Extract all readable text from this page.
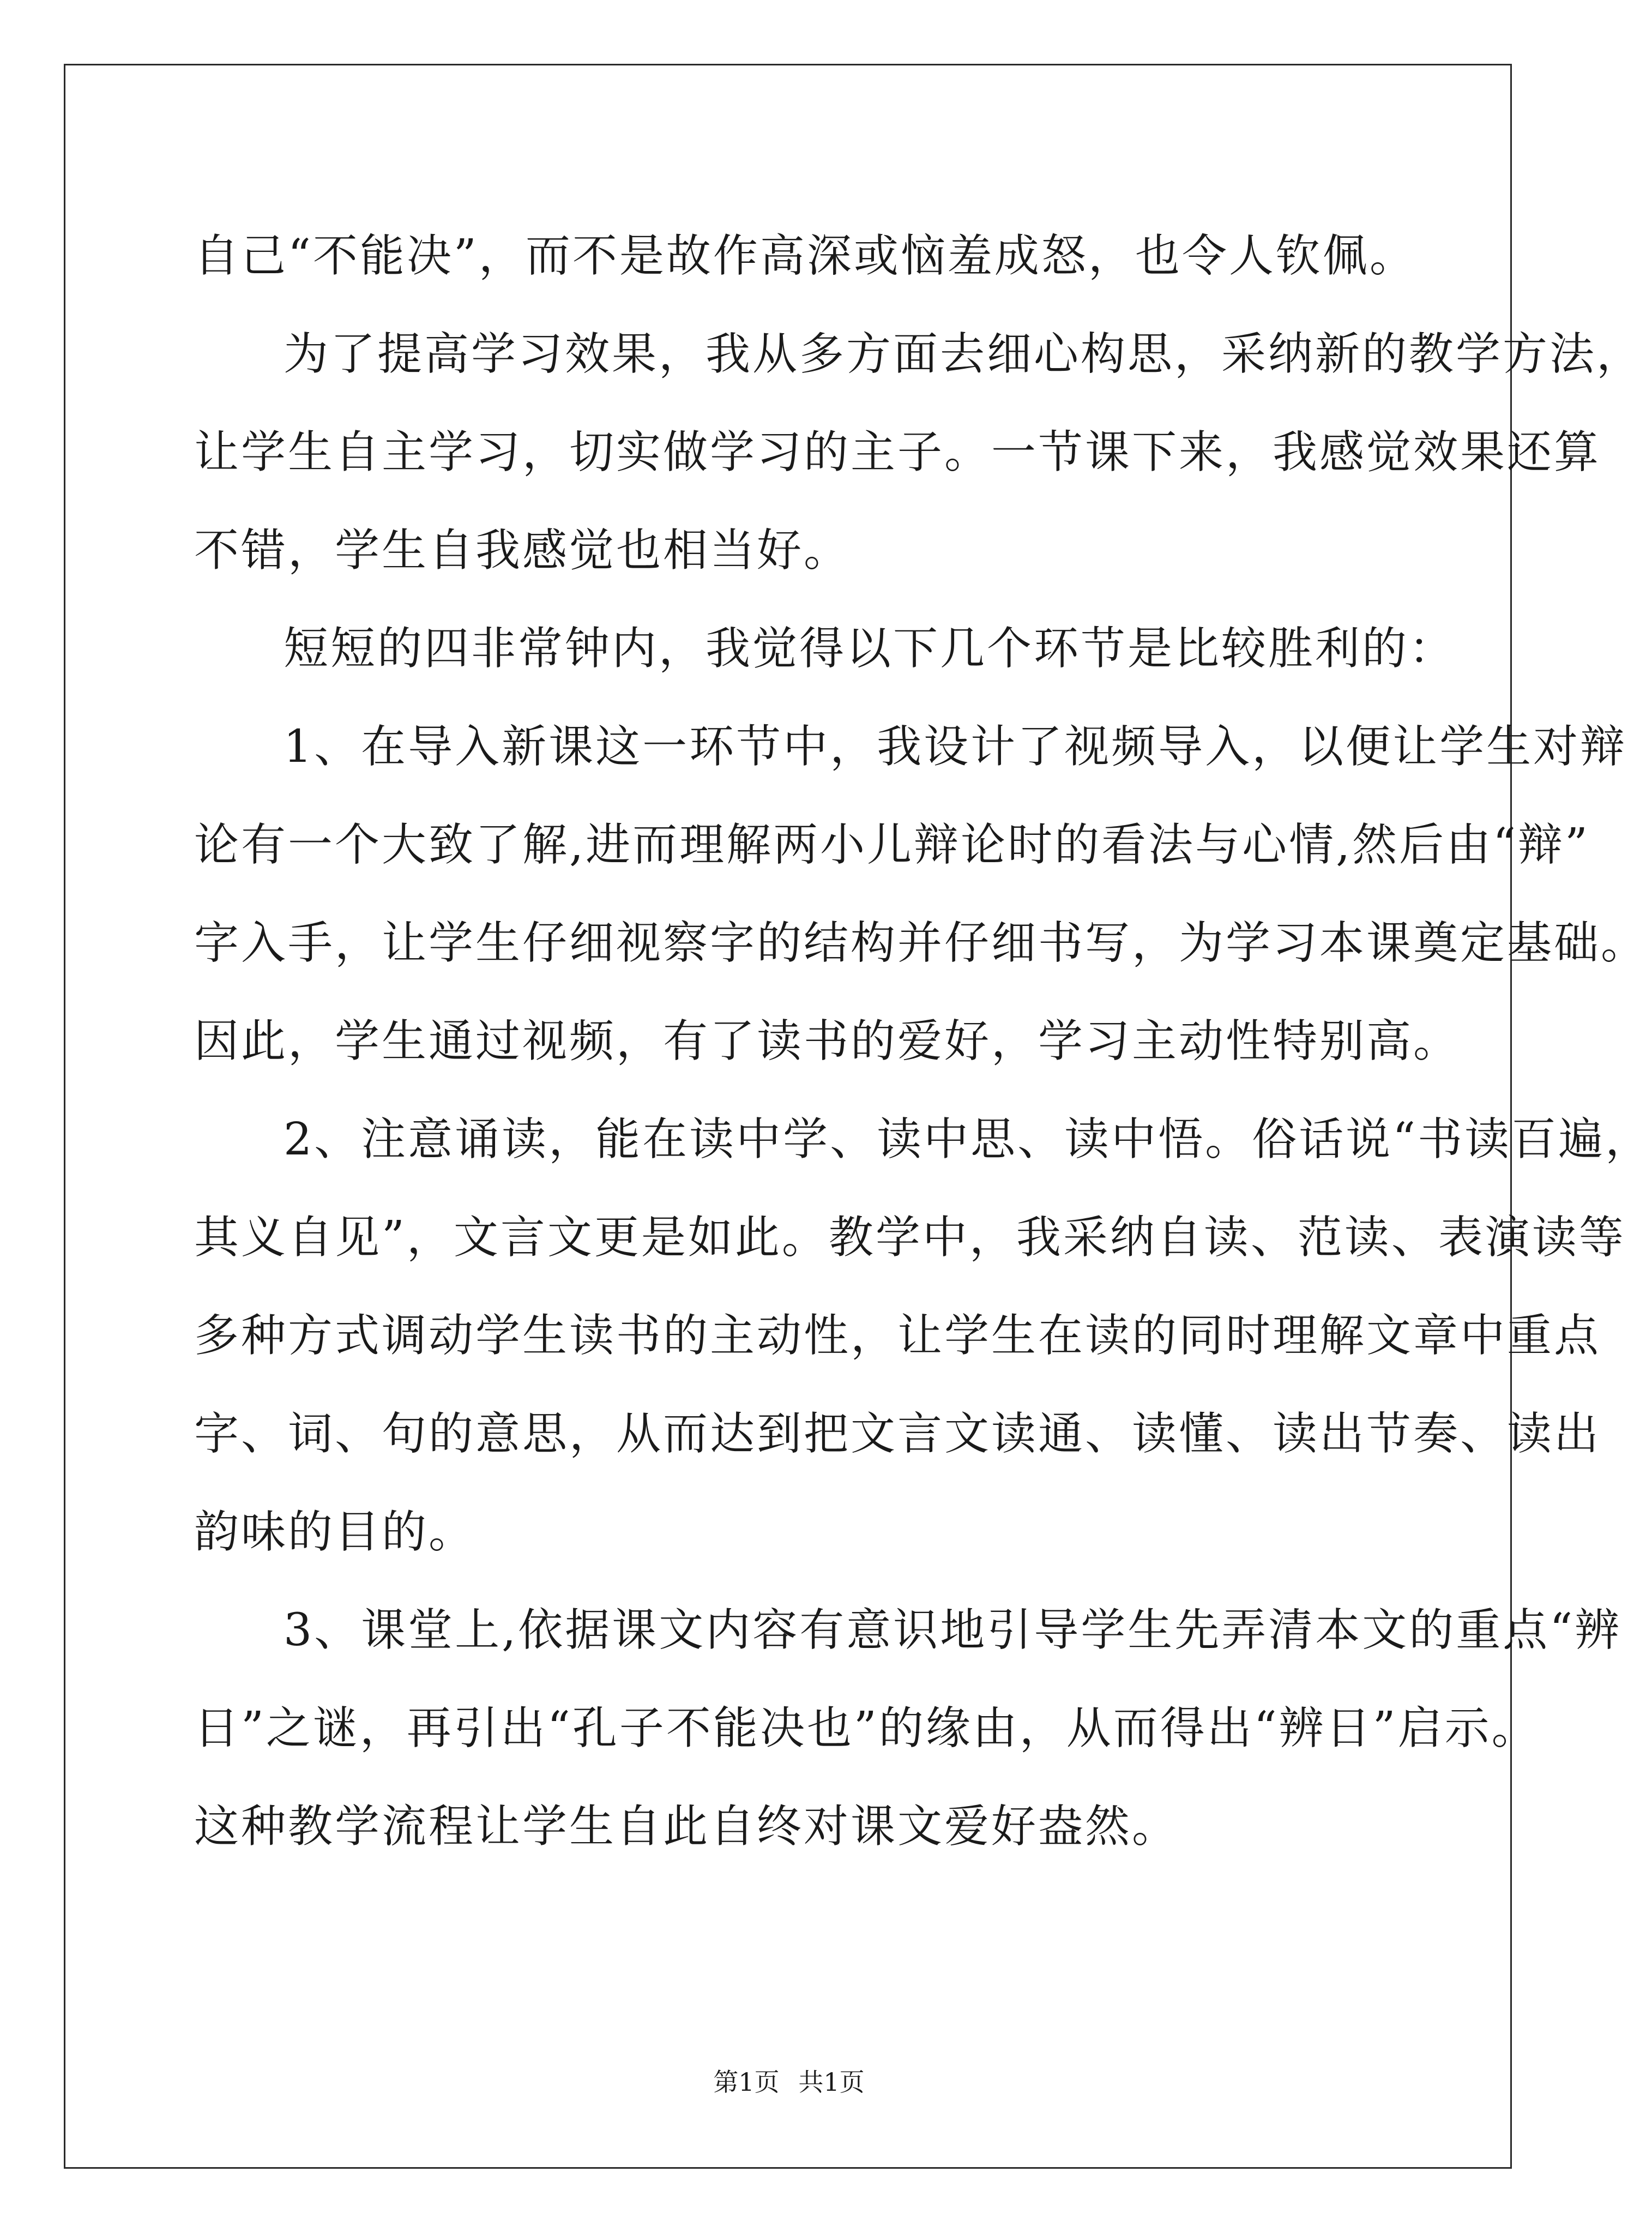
自己“不能决”，而不是故作高深或恼羞成怒，也令人钦佩。
为了提高学习效果，我从多方面去细心构思，采纳新的教学方法，
让学生自主学习，切实做学习的主子。一节课下来，我感觉效果还算
不错，学生自我感觉也相当好。
短短的四非常钟内，我觉得以下几个环节是比较胜利的：
1、在导入新课这一环节中，我设计了视频导入，以便让学生对辩
论有一个大致了解,进而理解两小儿辩论时的看法与心情,然后由“辩”
字入手，让学生仔细视察字的结构并仔细书写，为学习本课奠定基础。
因此，学生通过视频，有了读书的爱好，学习主动性特别高。
2、注意诵读，能在读中学、读中思、读中悟。俗话说“书读百遍，
其义自见”，文言文更是如此。教学中，我采纳自读、范读、表演读等
多种方式调动学生读书的主动性，让学生在读的同时理解文章中重点
字、词、句的意思，从而达到把文言文读通、读懂、读出节奏、读出
韵味的目的。
3、课堂上,依据课文内容有意识地引导学生先弄清本文的重点“辨
日”之谜，再引出“孔子不能决也”的缘由，从而得出“辨日”启示。
这种教学流程让学生自此自终对课文爱好盎然。
第1页 共1页
